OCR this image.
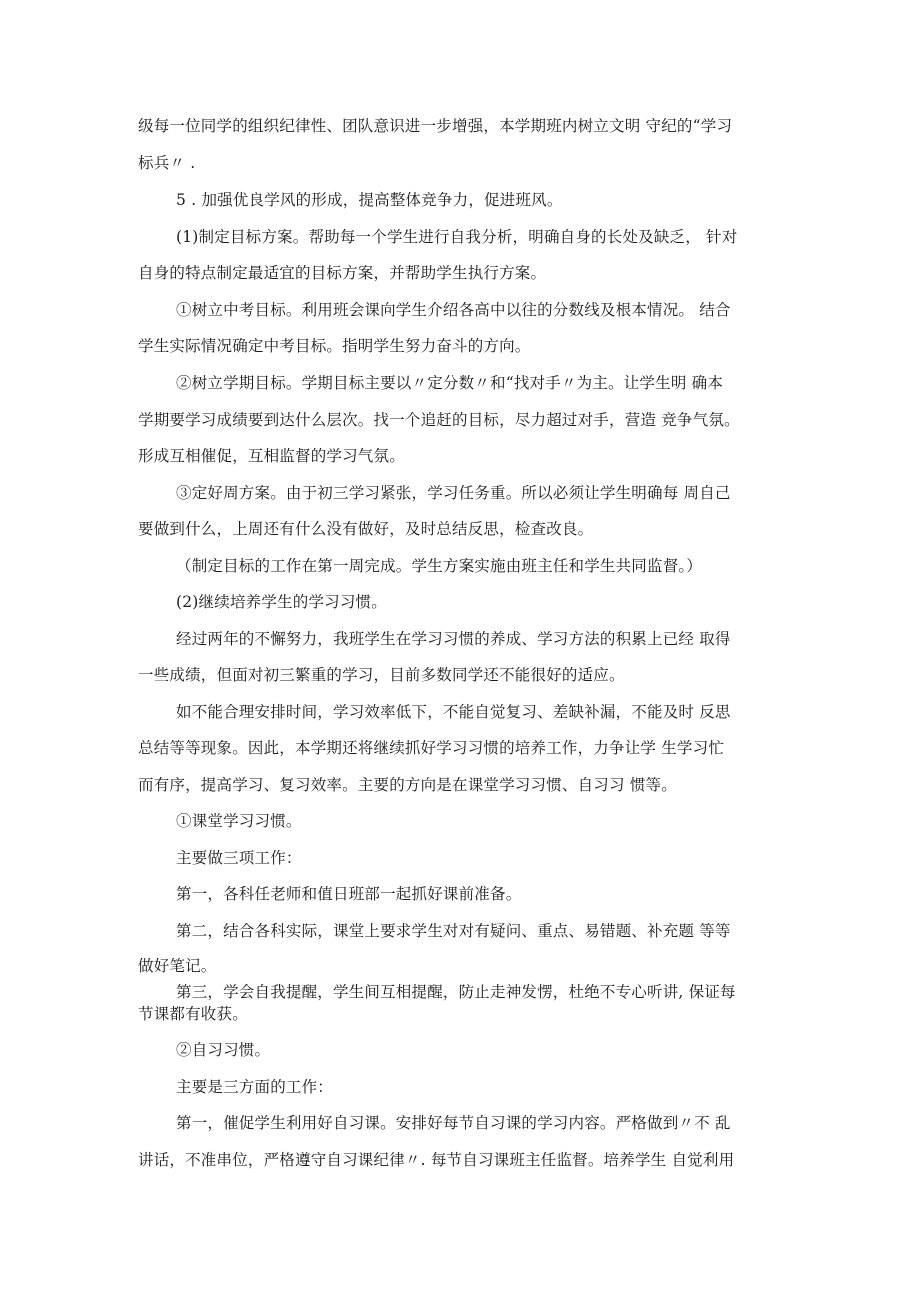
级每一位同学的组织纪律性、团队意识进一步增强，本学期班内树立文明 守纪的“学习

标兵〃 .

5 . 加强优良学风的形成，提高整体竞争力，促进班风。

(1)制定目标方案。帮助每一个学生进行自我分析，明确自身的长处及缺乏， 针对

自身的特点制定最适宜的目标方案，并帮助学生执行方案。

①树立中考目标。利用班会课向学生介绍各高中以往的分数线及根本情况。 结合

学生实际情况确定中考目标。指明学生努力奋斗的方向。

②树立学期目标。学期目标主要以〃定分数〃和“找对手〃为主。让学生明 确本

学期要学习成绩要到达什么层次。找一个追赶的目标，尽力超过对手，营造 竞争气氛。

形成互相催促，互相监督的学习气氛。

③定好周方案。由于初三学习紧张，学习任务重。所以必须让学生明确每 周自己

要做到什么，上周还有什么没有做好，及时总结反思，检查改良。

（制定目标的工作在第一周完成。学生方案实施由班主任和学生共同监督。）

(2)继续培养学生的学习习惯。

经过两年的不懈努力，我班学生在学习习惯的养成、学习方法的积累上已经 取得

一些成绩，但面对初三繁重的学习，目前多数同学还不能很好的适应。

如不能合理安排时间，学习效率低下，不能自觉复习、差缺补漏，不能及时 反思

总结等等现象。因此，本学期还将继续抓好学习习惯的培养工作，力争让学 生学习忙

而有序，提高学习、复习效率。主要的方向是在课堂学习习惯、自习习 惯等。

①课堂学习习惯。

主要做三项工作：

第一，各科任老师和值日班部一起抓好课前准备。

第二，结合各科实际，课堂上要求学生对对有疑问、重点、易错题、补充题 等等

做好笔记。

第三，学会自我提醒，学生间互相提醒，防止走神发愣，杜绝不专心听讲, 保证每

节课都有收获。

②自习习惯。

主要是三方面的工作：

第一，催促学生利用好自习课。安排好每节自习课的学习内容。严格做到〃不 乱

讲话，不准串位，严格遵守自习课纪律〃. 每节自习课班主任监督。培养学生 自觉利用
